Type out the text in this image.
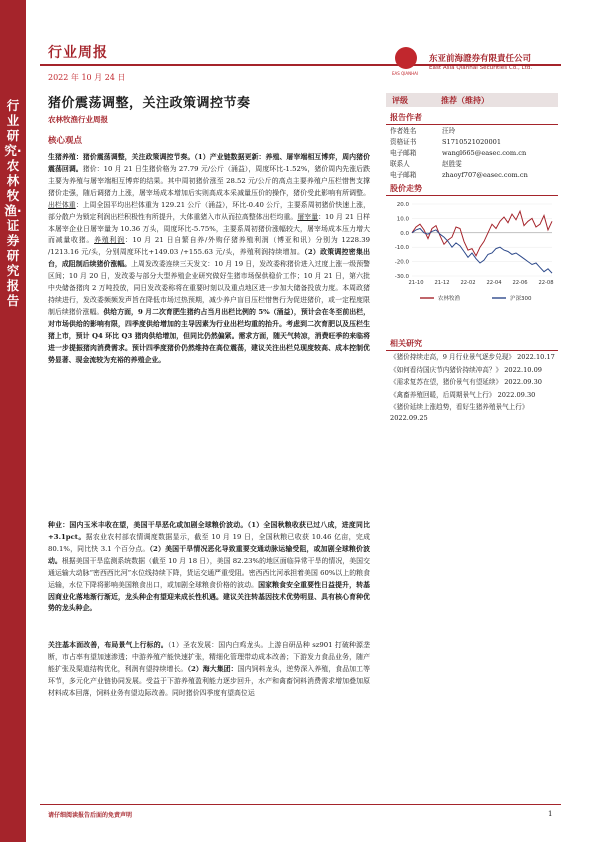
行业研究·农林牧渔·证券研究报告
行业周报
2022 年 10 月 24 日	EAS QIANHAI
东亚前海證券有限責任公司
East Asia Qianhai Securities Co., Ltd.
猪价震荡调整，关注政策调控节奏
农林牧渔行业周报
核心观点
生猪养殖：猪价震荡调整，关注政策调控节奏。（1）产业链数据更新：养殖、屠宰端相互博弈，周内猪价震荡回调。猪价：10 月 21 日生猪价格为 27.79 元/公斤（涌益），周度环比-1.52%，猪价周内先涨后跌主要为养殖与屠宰端相互博弈的结果。其中周初猪价涨至 28.52 元/公斤的高点主要养殖户压栏惜售支撑猪价走强，随后调猪力上涨，屠宰场成本增加后实则高成本采减量压价的操作，猪价受此影响有所调整。出栏体重：上周全国平均出栏体重为 129.21 公斤（涌益），环比-0.40 公斤，主要系周初猪价快速上涨，部分散户为锁定利润出栏积极性有所提升，大体重猪入市从而拉高整体出栏均重。屠宰量：10 月 21 日样本屠宰企业日屠宰量为 10.36 万头，周度环比-5.75%，主要系周初猪价涨幅较大，屠宰场成本压力增大而减量收猪。养殖利润：10 月 21 日自繁自养/外购仔猪养殖利润（博亚和讯）分别为 1228.39 /1213.16 元/头，分别周度环比+149.03 /+155.63 元/头，养殖利润持续增加。（2）政策调控密集出台，成阻制后续猪价涨幅。上周发改委连续三天发文：10 月 19 日，发改委称猪价进入过度上涨一级预警区间；10 月 20 日，发改委与部分大型养殖企业研究做好生猪市场保供稳价工作；10 月 21 日，第六批中央储备猪肉 2 万吨投放，同日发改委称将在重要时刻以及重点地区进一步加大储备投放力度。本周政猪持续进行，发改委频频发声旨在降低市场过热预期，减少养户盲目压栏惜售行为促进猪价，或一定程度限制后续猪价涨幅。供给方面，9 月二次育肥生猪约占当月出栏比例的 5%（涌益），预计会在冬至前出栏，对市场供给的影响有限，四季度供给增加的主导因素为行业出栏均重的抬升。考虑到二次育肥以及压栏生猪上市，预计 Q4 环比 Q3 猪肉供给增加，但同比仍然偏紧。需求方面，随天气转凉，消费旺季的来临将进一步提振猪肉消费需求。预计四季度猪价仍然维持在高位震荡，建议关注出栏兑现度较高、成本控制优势显著、现金流较为充裕的养殖企业。
种业：国内玉米丰收在望，美国干旱恶化或加剧全球粮价波动。（1）全国秋粮收获已过八成，进度同比+3.1pct。据农业农村部农情调度数据显示，截至 10 月 19 日，全国秋粮已收获 10.46 亿亩，完成 80.1%，同比快 3.1 个百分点。（2）美国干旱情况恶化导致重要交通动脉运输受阻，或加剧全球粮价波动。根据美国干旱监测系统数据（截至 10 月 18 日），美国 82.23%的地区面临异常干旱的情况，美国交通运输大动脉“密西西比河”水位线持续下降，货运交通严重受阻。密西西比河承担着美国 60%以上的粮食运输，水位下降将影响美国粮食出口，或加剧全球粮食价格的波动。国家粮食安全重要性日益提升，转基因商业化落地渐行渐近，龙头种企有望迎来成长性机遇。建议关注转基因技术优势明显、具有核心育种优势的龙头种企。
关注基本面改善，布局景气上行标的。（1）圣农发展：国内白鸡龙头。上游自研品种 sz901 打破种源垄断，市占率有望加速渗透；中游养殖产能快速扩张，精细化管理带动成本改善；下游发力食品业务，随产能扩张及渠道结构优化，利润有望持续增长。（2）海大集团：国内饲料龙头，逆势深入养殖，食品加工等环节，多元化产业链协同发展。受益于下游养殖盈利能力逐步回升，水产和禽畜饲料消费需求增加叠加原材料成本回落，饲料业务有望边际改善。同时猪价四季度有望高位运
评级	推荐（维持）
报告作者
作者姓名	汪玲
资格证书	S1710521020001
电子邮箱	wangl665@easec.com.cn
联系人	赵胜雯
电子邮箱	zhaoyf707@easec.com.cn
股价走势
20.0
10.0
0.0
-10.0
-20.0
-30.0
21-10 21-12 22-02 22-04 22-06 22-08
农林牧渔	沪深300
相关研究
《猪价持续走高，9 月行业景气逐步兑现》 2022.10.17
《如何看待国庆节内猪价持续冲高？》 2022.10.09
《需求复苏在望，猪价景气有望延续》 2022.09.30
《禽畜养殖回暖，后周期景气上行》 2022.09.30
《猪价延续上涨趋势，看好生猪养殖景气上行》 2022.09.25
请仔细阅读报告后面的免责声明	1
